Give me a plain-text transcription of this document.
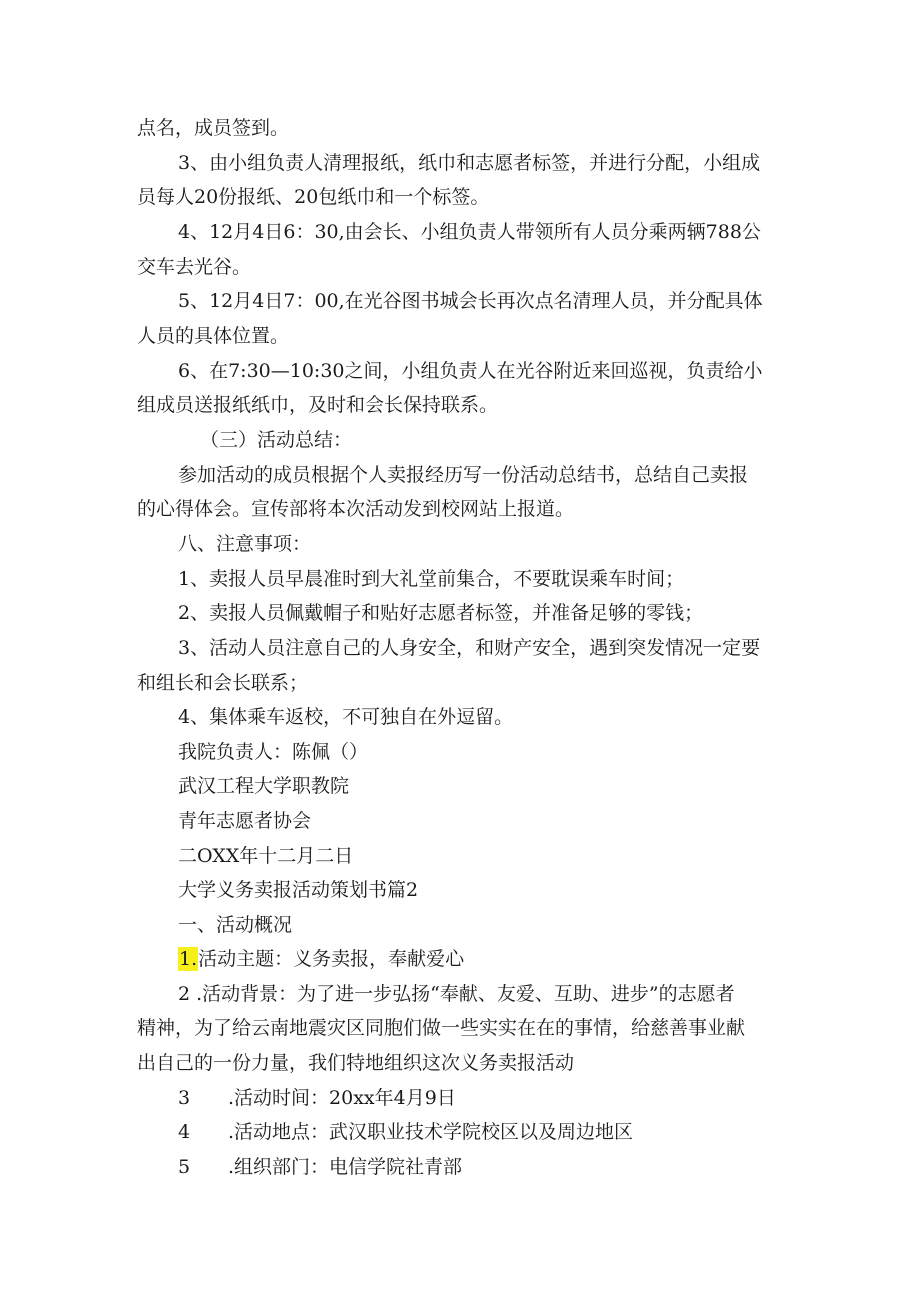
点名，成员签到。

3、由小组负责人清理报纸，纸巾和志愿者标签，并进行分配，小组成

员每人20份报纸、20包纸巾和一个标签。

4、12月4日6：30,由会长、小组负责人带领所有人员分乘两辆788公

交车去光谷。

5、12月4日7：00,在光谷图书城会长再次点名清理人员，并分配具体

人员的具体位置。

6、在7:30—10:30之间，小组负责人在光谷附近来回巡视，负责给小

组成员送报纸纸巾，及时和会长保持联系。

（三）活动总结：

参加活动的成员根据个人卖报经历写一份活动总结书，总结自己卖报

的心得体会。宣传部将本次活动发到校网站上报道。

八、注意事项：

1、卖报人员早晨准时到大礼堂前集合，不要耽误乘车时间；

2、卖报人员佩戴帽子和贴好志愿者标签，并准备足够的零钱；

3、活动人员注意自己的人身安全，和财产安全，遇到突发情况一定要

和组长和会长联系；

4、集体乘车返校，不可独自在外逗留。

我院负责人：陈佩（）

武汉工程大学职教院

青年志愿者协会

二OXX年十二月二日

大学义务卖报活动策划书篇2

一、活动概况

1.活动主题：义务卖报，奉献爱心

2 .活动背景：为了进一步弘扬“奉献、友爱、互助、进步”的志愿者

精神，为了给云南地震灾区同胞们做一些实实在在的事情，给慈善事业献

出自己的一份力量，我们特地组织这次义务卖报活动

3 .活动时间：20xx年4月9日
4 .活动地点：武汉职业技术学院校区以及周边地区
5 .组织部门：电信学院社青部
